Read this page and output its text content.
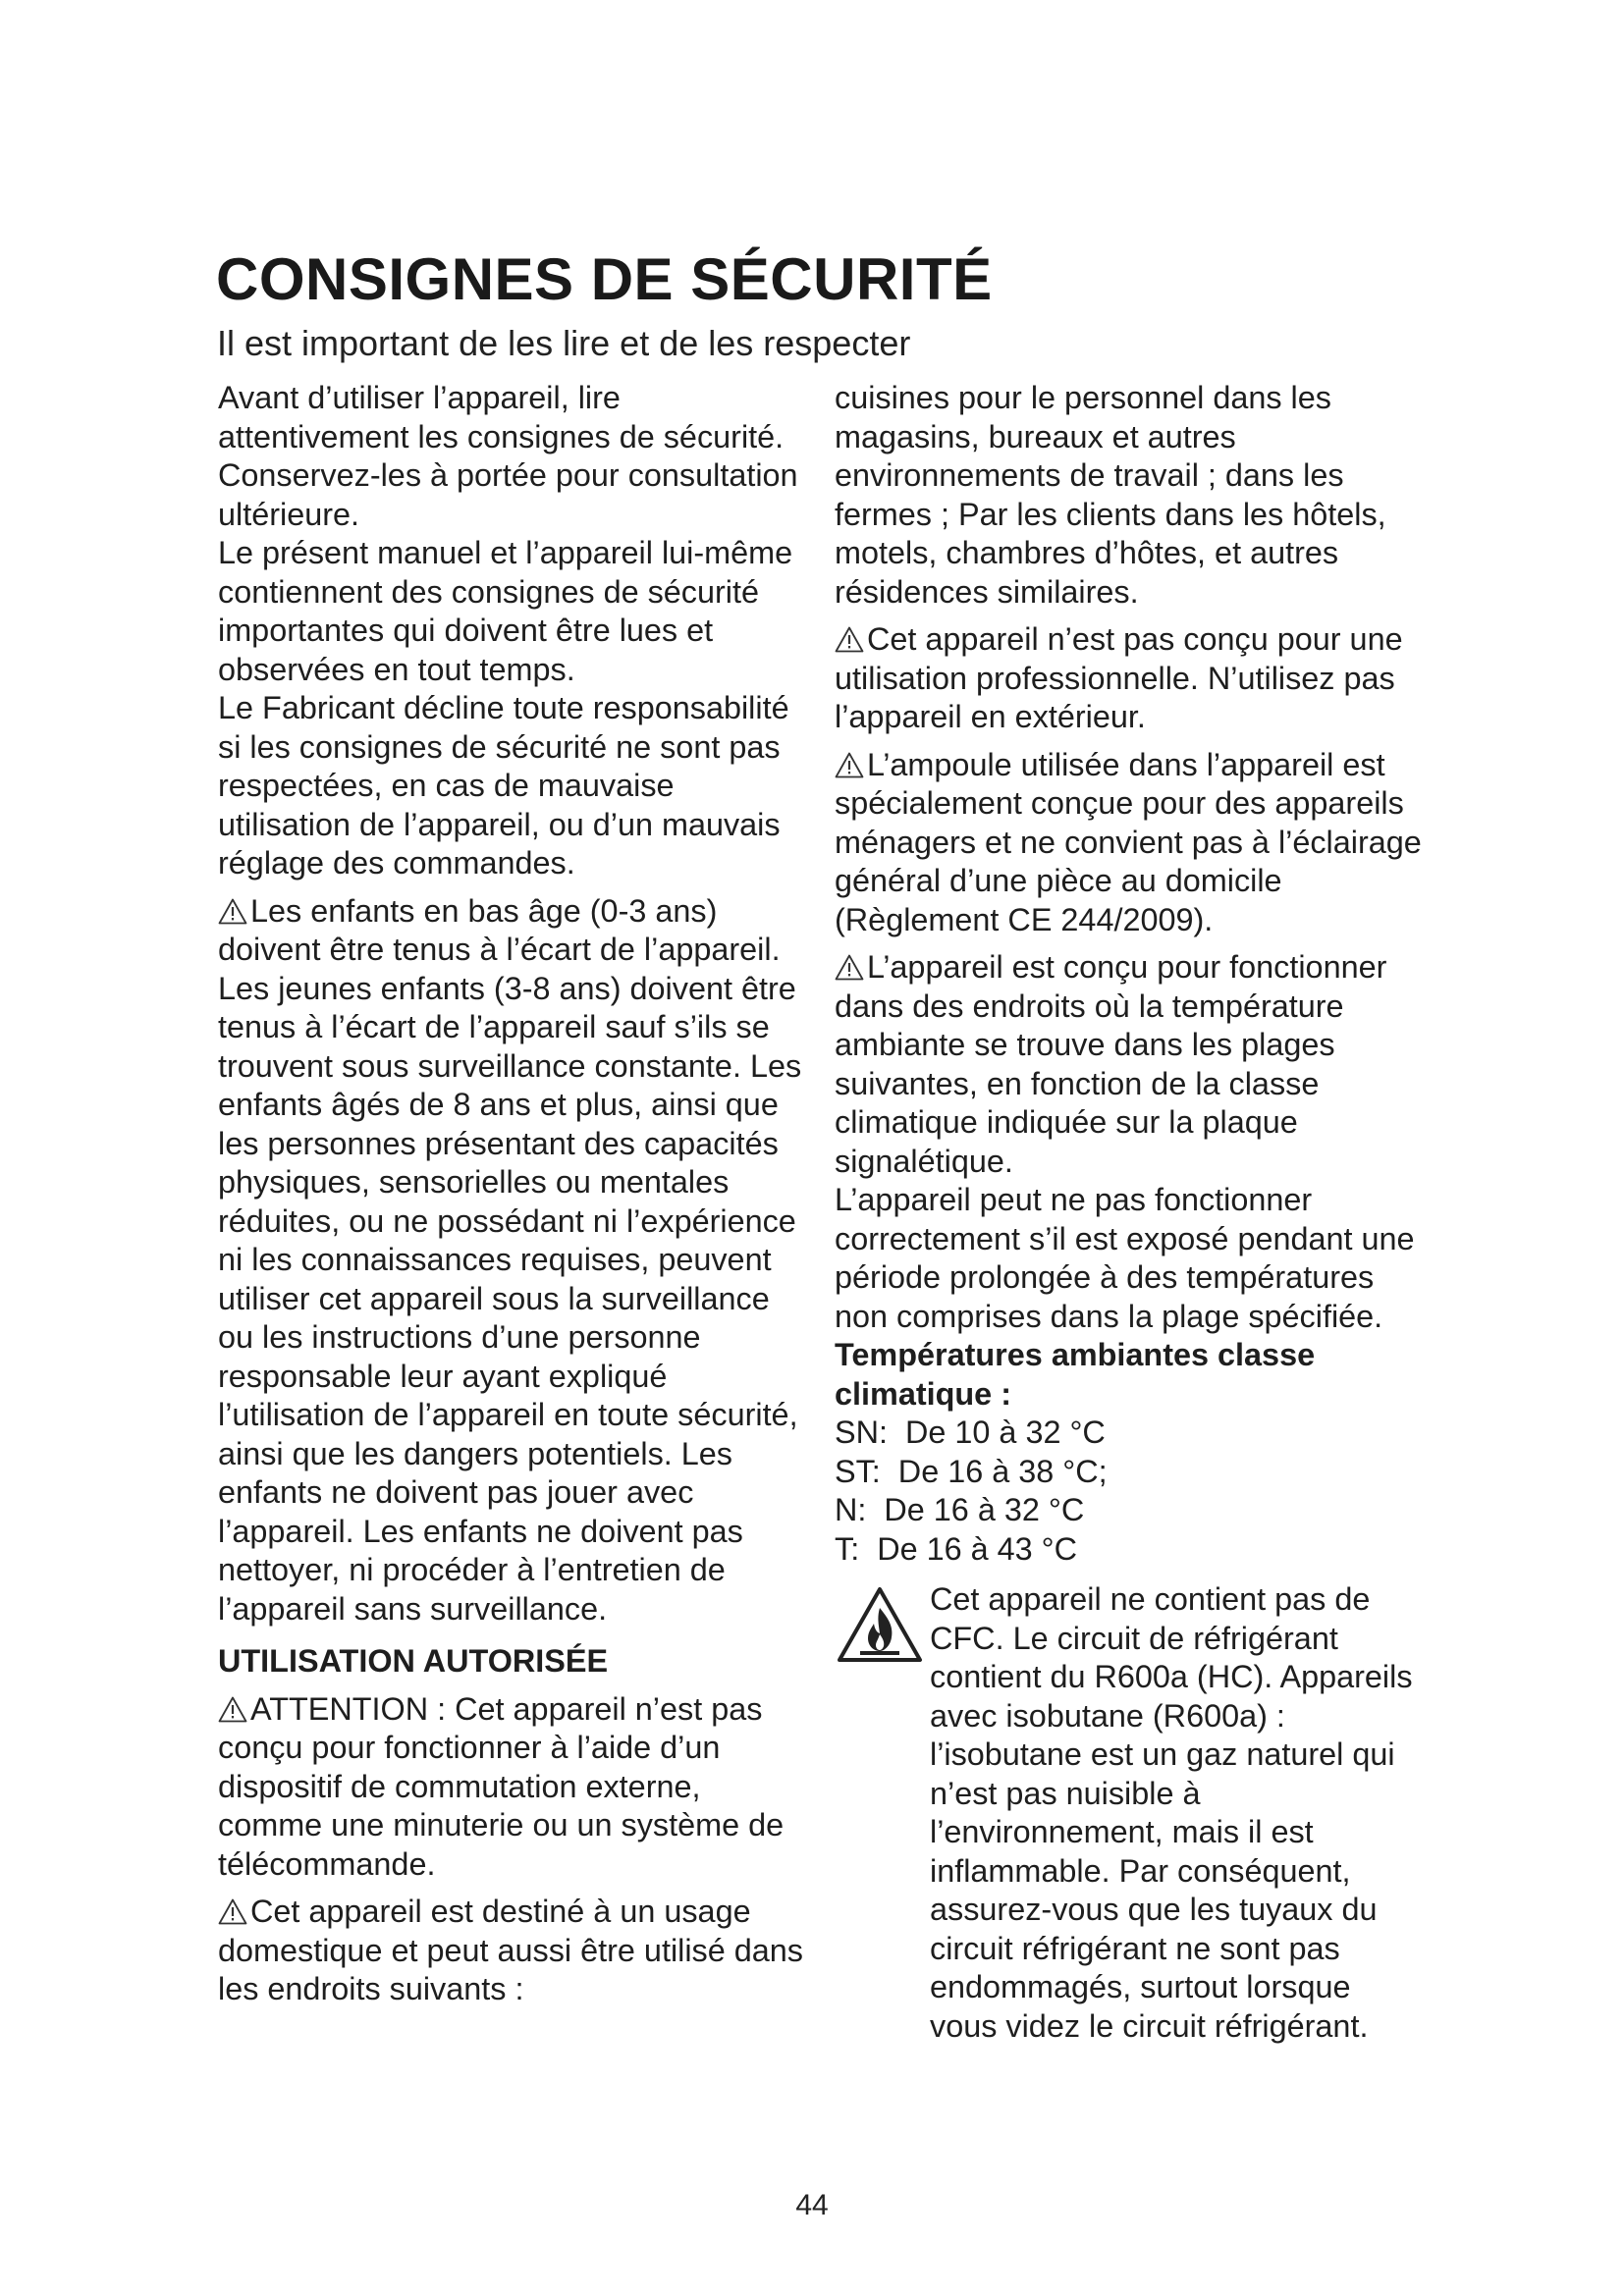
CONSIGNES DE SÉCURITÉ
Il est important de les lire et de les respecter

Avant d’utiliser l’appareil, lire attentivement les consignes de sécurité. Conservez-les à portée pour consultation ultérieure.

Le présent manuel et l’appareil lui-même contiennent des consignes de sécurité importantes qui doivent être lues et observées en tout temps.

Le Fabricant décline toute responsabilité si les consignes de sécurité ne sont pas respectées, en cas de mauvaise utilisation de l’appareil, ou d’un mauvais réglage des commandes.

Les enfants en bas âge (0-3 ans) doivent être tenus à l’écart de l’appareil. Les jeunes enfants (3-8 ans) doivent être tenus à l’écart de l’appareil sauf s’ils se trouvent sous surveillance constante. Les enfants âgés de 8 ans et plus, ainsi que les personnes présentant des capacités physiques, sensorielles ou mentales réduites, ou ne possédant ni l’expérience ni les connaissances requises, peuvent utiliser cet appareil sous la surveillance ou les instructions d’une personne responsable leur ayant expliqué l’utilisation de l’appareil en toute sécurité, ainsi que les dangers potentiels. Les enfants ne doivent pas jouer avec l’appareil. Les enfants ne doivent pas nettoyer, ni procéder à l’entretien de l’appareil sans surveillance.

UTILISATION AUTORISÉE

ATTENTION : Cet appareil n’est pas conçu pour fonctionner à l’aide d’un dispositif de commutation externe, comme une minuterie ou un système de télécommande.

Cet appareil est destiné à un usage domestique et peut aussi être utilisé dans les endroits suivants :

cuisines pour le personnel dans les magasins, bureaux et autres environnements de travail ; dans les fermes ; Par les clients dans les hôtels, motels, chambres d’hôtes, et autres résidences similaires.

Cet appareil n’est pas conçu pour une utilisation professionnelle. N’utilisez pas l’appareil en extérieur.

L’ampoule utilisée dans l’appareil est spécialement conçue pour des appareils ménagers et ne convient pas à l’éclairage général d’une pièce au domicile (Règlement CE 244/2009).

L’appareil est conçu pour fonctionner dans des endroits où la température ambiante se trouve dans les plages suivantes, en fonction de la classe climatique indiquée sur la plaque signalétique.

L’appareil peut ne pas fonctionner correctement s’il est exposé pendant une période prolongée à des températures non comprises dans la plage spécifiée.

Températures ambiantes classe climatique :

SN:  De 10 à 32 °C

ST:  De 16 à 38 °C;

N:  De 16 à 32 °C

T:  De 16 à 43 °C

Cet appareil ne contient pas de CFC. Le circuit de réfrigérant contient du R600a (HC). Appareils avec isobutane (R600a) : l’isobutane est un gaz naturel qui n’est pas nuisible à l’environnement, mais il est inflammable. Par conséquent, assurez-vous que les tuyaux du circuit réfrigérant ne sont pas endommagés, surtout lorsque vous videz le circuit réfrigérant.

44
